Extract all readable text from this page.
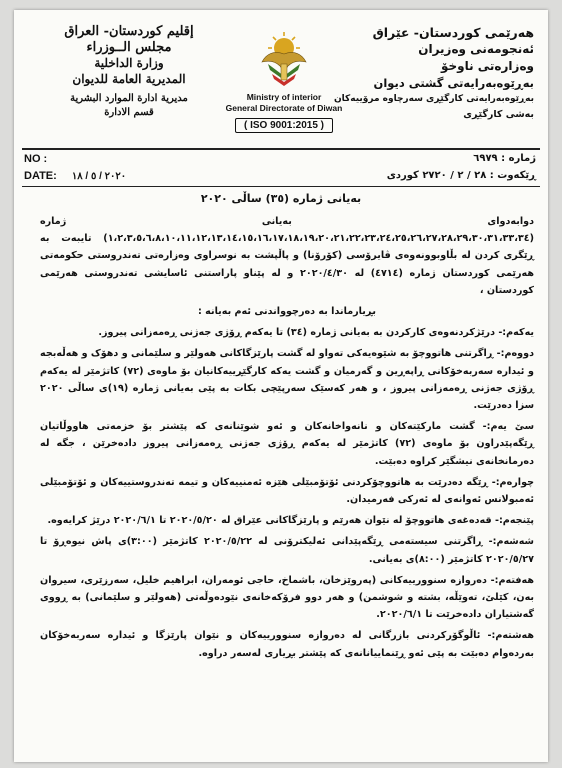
إقليم كوردستان- العراق
مجلس الــوزراء
وزارة الداخلية
المديرية العامة للديوان
مديرية ادارة الموارد البشرية
قسم الادارة
Ministry of interior
General Directorate of Diwan
( ISO 9001:2015 )
هەرێمی کوردستان- عێراق
ئەنجومەنی وەزیران
وەزارەتی ناوخۆ
بەڕێوەبەرایەتی گشتی دیوان
بەڕێوەبەرایەتی کارگێڕی سەرچاوە مرۆییەکان
بەشی کارگێڕی
NO :
DATE: ٢٠٢٠ / ٥ / ١٨
ژمارە : ٦٩٧٩
ڕێکەوت : ٢٨ / ٢ / ٢٧٢٠ کوردی
بەیانی ژمارە (٣٥) ساڵی ٢٠٢٠

دوابەدوای بەیانی ژمارە (١،٢،٣،٥،٦،٨،١٠،١١،١٢،١٣،١٤،١٥،١٦،١٧،١٨،١٩،٢٠،٢١،٢٢،٢٣،٢٤،٢٥،٢٦،٢٧،٢٨،٢٩،٣٠،٣١،٣٣،٣٤) تایبەت بە ڕێگری کردن لە بڵاوبوونەوەی ڤایرۆسی (کۆرۆنا) و پاڵپشت بە نوسراوی وەزارەتی تەندروستی حکومەتی هەرێمی کوردستان ژمارە (٤٧١٤) لە ٢٠٢٠/٤/٣٠ و لە پێناو پاراستنی ئاسایشی تەندروستی هەرێمی کوردستان ،

بڕیارماندا بە دەرچوواندنی ئەم بەیانە :

یەکەم:- درێژکردنەوەی کارکردن بە بەیانی ژمارە (٣٤) تا یەکەم ڕۆژی جەژنی ڕەمەزانی پیروز.

دووەم:- ڕاگرتنی هاتووچۆ بە شێوەیەکی تەواو لە گشت پارێزگاکانی هەولێر و سلێمانی و دهۆک و هەڵەبجە و ئیدارە سەربەخۆکانی ڕاپەڕین و گەرمیان و گشت یەکە کارگێڕییەکانیان بۆ ماوەی (٧٢) کاتژمێر لە یەکەم ڕۆژی جەژنی ڕەمەزانی پیروز ، و هەر کەسێک سەرپێچی بکات بە پێی بەیانی ژمارە (١٩)ی ساڵی ٢٠٢٠ سزا دەدرێت.

سێ یەم:- گشت مارکێتەکان و نانەواخانەکان و ئەو شوێنانەی کە پێشتر بۆ خزمەتی هاووڵاتیان ڕێگەپێدراون بۆ ماوەی (٧٢) کاتژمێر لە یەکەم ڕۆژی جەژنی ڕەمەزانی پیروز دادەخرێن ، جگە لە دەرمانخانەی نیشگێر کراوە دەبێت.

چوارەم:- ڕێگە دەدرێت بە هاتووچۆکردنی ئۆتۆمبێلی هێزە ئەمنییەکان و تیمە تەندروستییەکان و ئۆتۆمبێلی ئەمبولانس ئەوانەی لە ئەرکی فەرمیدان.

پێنجەم:- قەدەغەی هاتووچۆ لە نێوان هەرێم و پارێزگاکانی عێراق لە ٢٠٢٠/٥/٢٠ تا ٢٠٢٠/٦/١ درێژ کرایەوە.

شەشەم:- ڕاگرتنی سیستەمی ڕێگەپێدانی ئەلیکترۆنی لە ٢٠٢٠/٥/٢٢ کاتژمێر (٣:٠٠)ی پاش نیوەڕۆ تا ٢٠٢٠/٥/٢٧ کاتژمێر (٨:٠٠)ی بەیانی.

هەفتەم:- دەروازە سنوورییەکانی (پەروێزخان، باشماخ، حاجی ئومەران، ابراهیم خلیل، سەرزێری، سیروان بەن، کێلێ، تەوێڵە، بشتە و شوشمن) و هەر دوو فرۆکەخانەی نێودەوڵەتی (هەولێر و سلێمانی) بە ڕووی گەشتیاران دادەخرێت تا ٢٠٢٠/٦/١.

هەشتەم:- ئاڵوگۆرکردنی بازرگانی لە دەروازە سنوورییەکان و نێوان پارێزگا و ئیدارە سەربەخۆکان بەردەوام دەبێت بە پێی ئەو ڕێنماییانانەی کە پێشتر بڕیاری لەسەر دراوە.
